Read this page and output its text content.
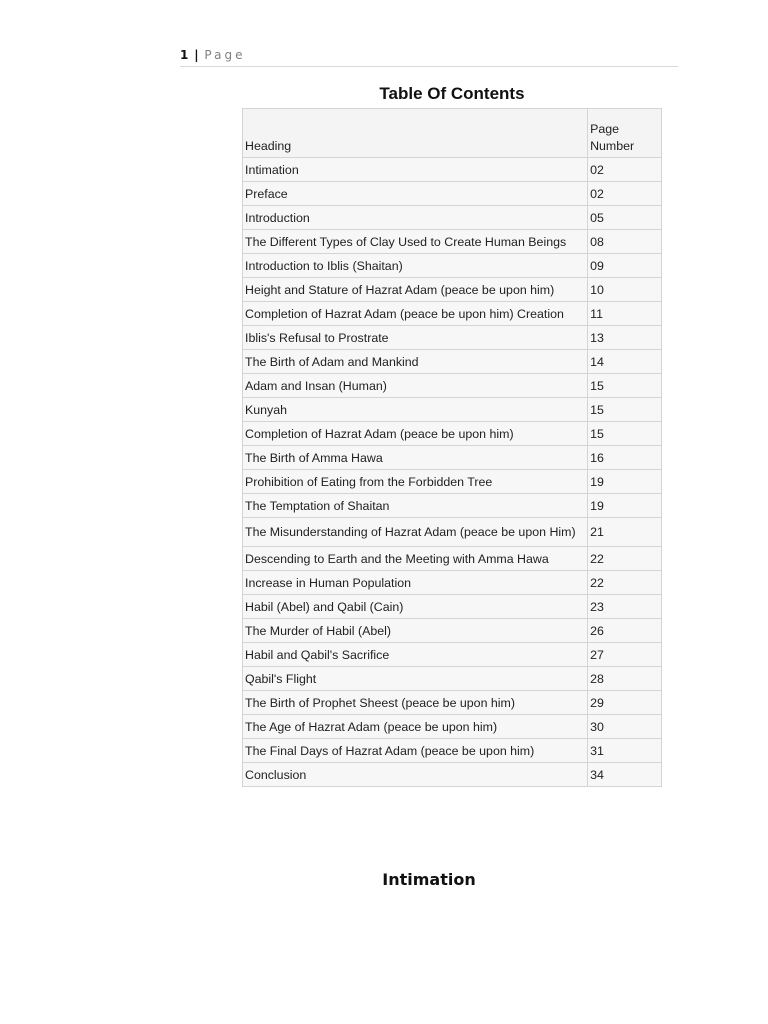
1 | Page
Table Of Contents
Heading	Page
Number
Intimation	02
Preface	02
Introduction	05
The Different Types of Clay Used to Create Human Beings	08
Introduction to Iblis (Shaitan)	09
Height and Stature of Hazrat Adam (peace be upon him)	10
Completion of Hazrat Adam (peace be upon him) Creation	11
Iblis's Refusal to Prostrate	13
The Birth of Adam and Mankind	14
Adam and Insan (Human)	15
Kunyah	15
Completion of Hazrat Adam (peace be upon him)	15
The Birth of Amma Hawa	16
Prohibition of Eating from the Forbidden Tree	19
The Temptation of Shaitan	19
The Misunderstanding of Hazrat Adam (peace be upon Him)	21
Descending to Earth and the Meeting with Amma Hawa	22
Increase in Human Population	22
Habil (Abel) and Qabil (Cain)	23
The Murder of Habil (Abel)	26
Habil and Qabil's Sacrifice	27
Qabil's Flight	28
The Birth of Prophet Sheest (peace be upon him)	29
The Age of Hazrat Adam (peace be upon him)	30
The Final Days of Hazrat Adam (peace be upon him)	31
Conclusion	34
Intimation
